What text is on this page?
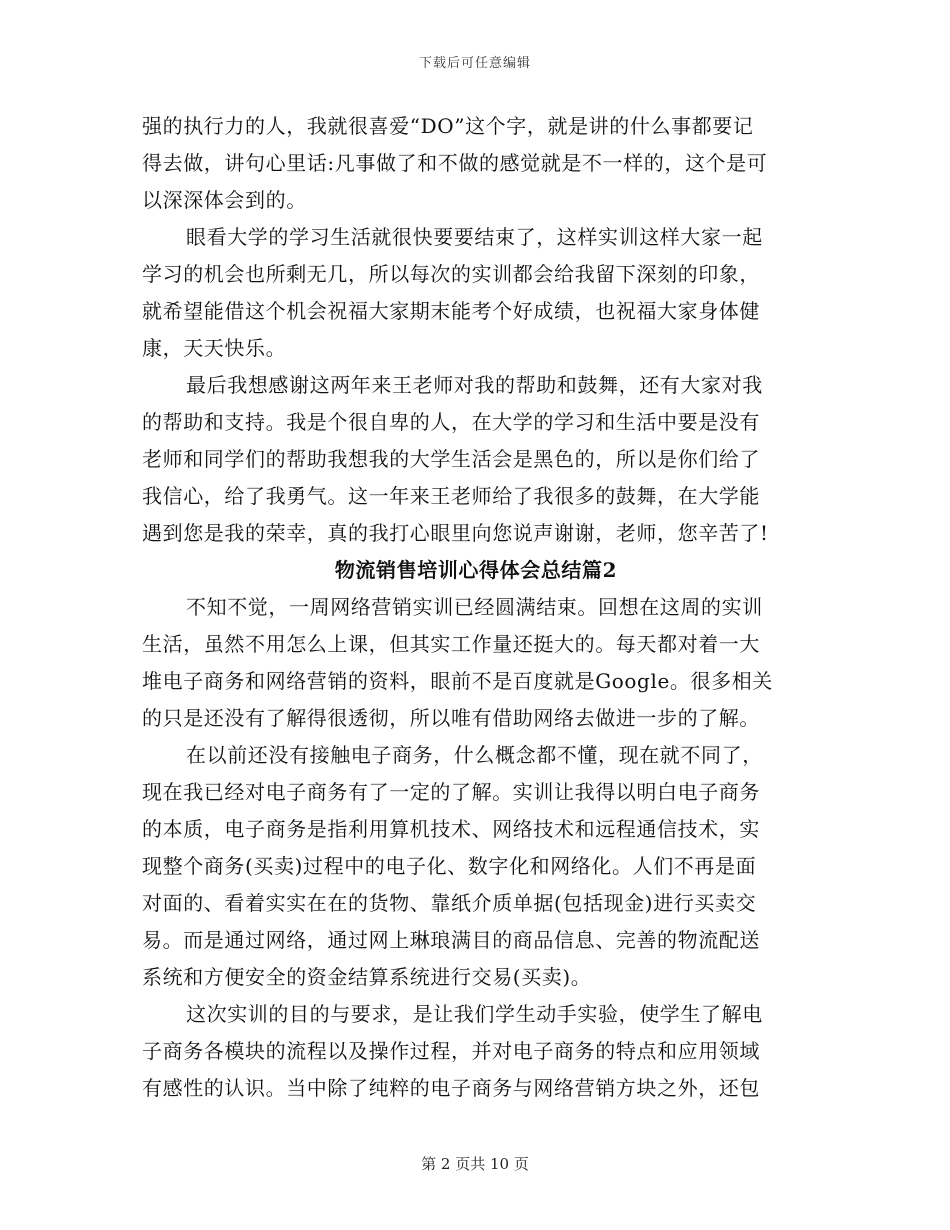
下载后可任意编辑
强的执行力的人，我就很喜爱“DO”这个字，就是讲的什么事都要记
得去做，讲句心里话:凡事做了和不做的感觉就是不一样的，这个是可
以深深体会到的。
眼看大学的学习生活就很快要要结束了，这样实训这样大家一起
学习的机会也所剩无几，所以每次的实训都会给我留下深刻的印象，
就希望能借这个机会祝福大家期末能考个好成绩，也祝福大家身体健
康，天天快乐。
最后我想感谢这两年来王老师对我的帮助和鼓舞，还有大家对我
的帮助和支持。我是个很自卑的人，在大学的学习和生活中要是没有
老师和同学们的帮助我想我的大学生活会是黑色的，所以是你们给了
我信心，给了我勇气。这一年来王老师给了我很多的鼓舞，在大学能
遇到您是我的荣幸，真的我打心眼里向您说声谢谢，老师，您辛苦了!
物流销售培训心得体会总结篇2
不知不觉，一周网络营销实训已经圆满结束。回想在这周的实训
生活，虽然不用怎么上课，但其实工作量还挺大的。每天都对着一大
堆电子商务和网络营销的资料，眼前不是百度就是Google。很多相关
的只是还没有了解得很透彻，所以唯有借助网络去做进一步的了解。
在以前还没有接触电子商务，什么概念都不懂，现在就不同了，
现在我已经对电子商务有了一定的了解。实训让我得以明白电子商务
的本质，电子商务是指利用算机技术、网络技术和远程通信技术，实
现整个商务(买卖)过程中的电子化、数字化和网络化。人们不再是面
对面的、看着实实在在的货物、靠纸介质单据(包括现金)进行买卖交
易。而是通过网络，通过网上琳琅满目的商品信息、完善的物流配送
系统和方便安全的资金结算系统进行交易(买卖)。
这次实训的目的与要求，是让我们学生动手实验，使学生了解电
子商务各模块的流程以及操作过程，并对电子商务的特点和应用领域
有感性的认识。当中除了纯粹的电子商务与网络营销方块之外，还包
第 2 页共 10 页
